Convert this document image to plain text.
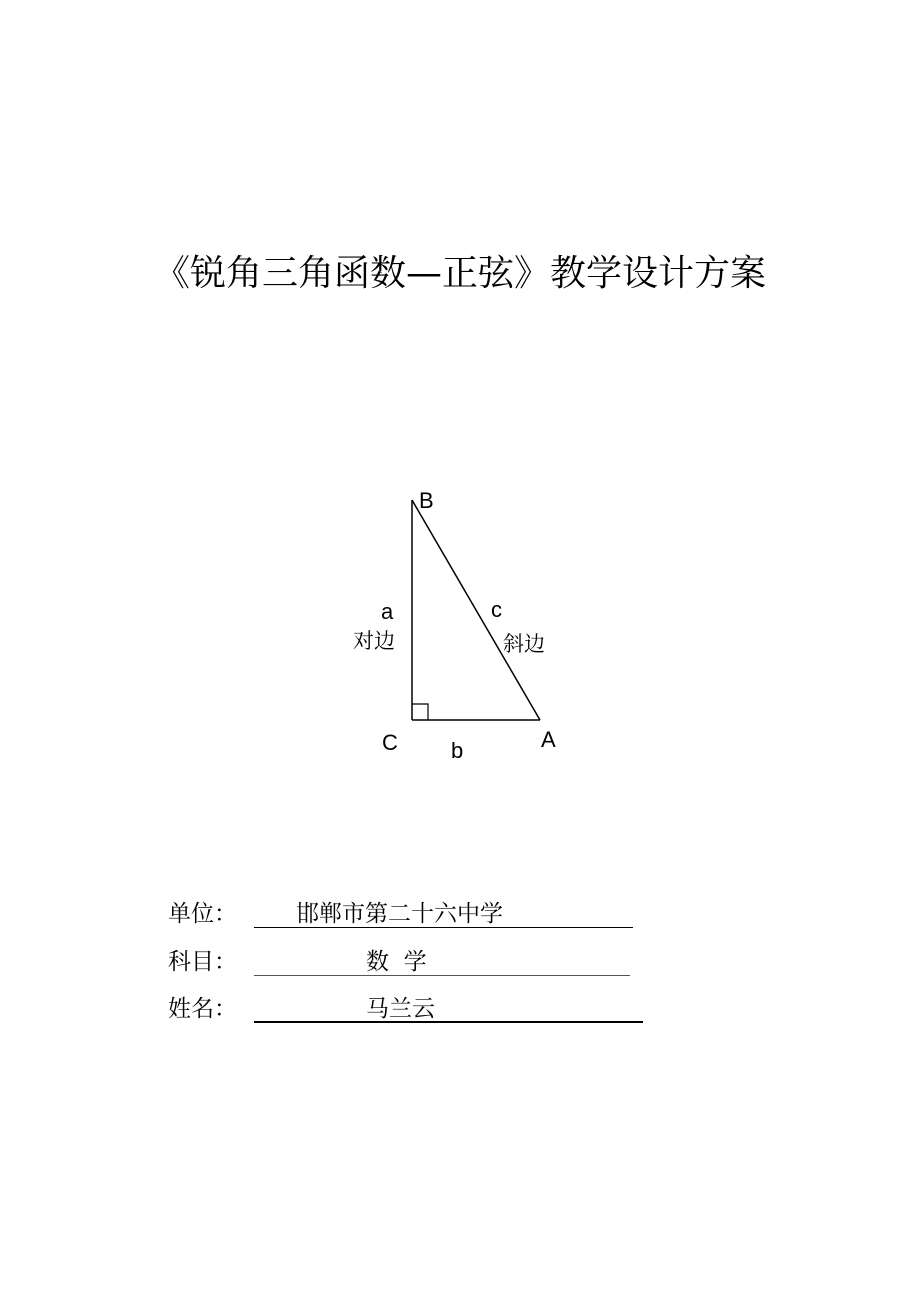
《锐角三角函数—正弦》教学设计方案
B
C	A
a
对边
c
斜边
b
单位：	邯郸市第二十六中学
科目：	数  学
姓名：	马兰云
